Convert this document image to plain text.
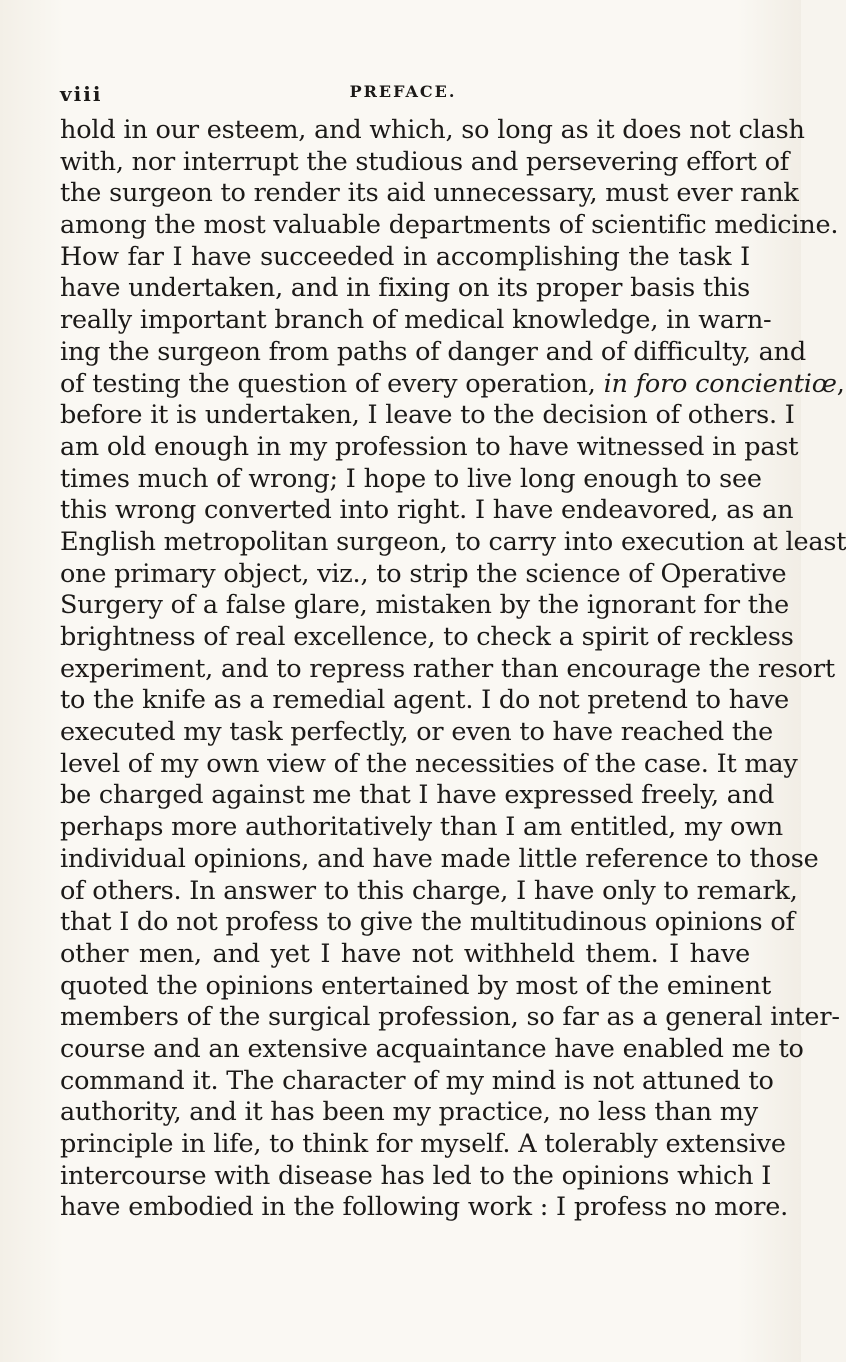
viii	PREFACE.
hold in our esteem, and which, so long as it does not clash
with, nor interrupt the studious and persevering effort of
the surgeon to render its aid unnecessary, must ever rank
among the most valuable departments of scientific medicine.
How far I have succeeded in accomplishing the task I
have undertaken, and in fixing on its proper basis this
really important branch of medical knowledge, in warn-
ing the surgeon from paths of danger and of difficulty, and
of testing the question of every operation, in foro concientiœ,
before it is undertaken, I leave to the decision of others. I
am old enough in my profession to have witnessed in past
times much of wrong; I hope to live long enough to see
this wrong converted into right. I have endeavored, as an
English metropolitan surgeon, to carry into execution at least
one primary object, viz., to strip the science of Operative
Surgery of a false glare, mistaken by the ignorant for the
brightness of real excellence, to check a spirit of reckless
experiment, and to repress rather than encourage the resort
to the knife as a remedial agent. I do not pretend to have
executed my task perfectly, or even to have reached the
level of my own view of the necessities of the case. It may
be charged against me that I have expressed freely, and
perhaps more authoritatively than I am entitled, my own
individual opinions, and have made little reference to those
of others. In answer to this charge, I have only to remark,
that I do not profess to give the multitudinous opinions of
other men, and yet I have not withheld them. I have
quoted the opinions entertained by most of the eminent
members of the surgical profession, so far as a general inter-
course and an extensive acquaintance have enabled me to
command it. The character of my mind is not attuned to
authority, and it has been my practice, no less than my
principle in life, to think for myself. A tolerably extensive
intercourse with disease has led to the opinions which I
have embodied in the following work : I profess no more.
